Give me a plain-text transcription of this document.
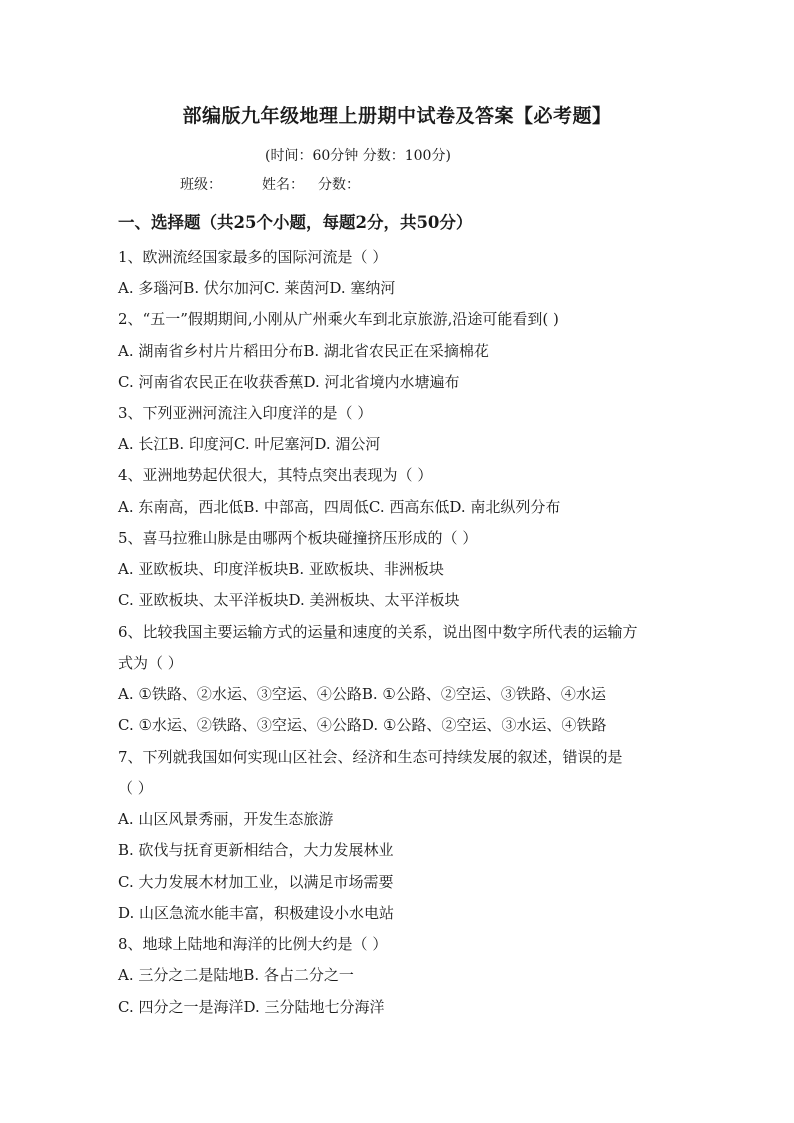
部编版九年级地理上册期中试卷及答案【必考题】
(时间：60分钟 分数：100分)
班级：	姓名： 分数：
一、选择题（共25个小题，每题2分，共50分）
1、欧洲流经国家最多的国际河流是（ ）
A. 多瑙河B. 伏尔加河C. 莱茵河D. 塞纳河
2、“五一”假期期间,小刚从广州乘火车到北京旅游,沿途可能看到( )
A. 湖南省乡村片片稻田分布B. 湖北省农民正在采摘棉花
C. 河南省农民正在收获香蕉D. 河北省境内水塘遍布
3、下列亚洲河流注入印度洋的是（ ）
A. 长江B. 印度河C. 叶尼塞河D. 湄公河
4、亚洲地势起伏很大，其特点突出表现为（ ）
A. 东南高，西北低B. 中部高，四周低C. 西高东低D. 南北纵列分布
5、喜马拉雅山脉是由哪两个板块碰撞挤压形成的（ ）
A. 亚欧板块、印度洋板块B. 亚欧板块、非洲板块
C. 亚欧板块、太平洋板块D. 美洲板块、太平洋板块
6、比较我国主要运输方式的运量和速度的关系，说出图中数字所代表的运输方
式为（ ）
A. ①铁路、②水运、③空运、④公路B. ①公路、②空运、③铁路、④水运
C. ①水运、②铁路、③空运、④公路D. ①公路、②空运、③水运、④铁路
7、下列就我国如何实现山区社会、经济和生态可持续发展的叙述，错误的是
（ ）
A. 山区风景秀丽，开发生态旅游
B. 砍伐与抚育更新相结合，大力发展林业
C. 大力发展木材加工业，以满足市场需要
D. 山区急流水能丰富，积极建设小水电站
8、地球上陆地和海洋的比例大约是（ ）
A. 三分之二是陆地B. 各占二分之一
C. 四分之一是海洋D. 三分陆地七分海洋
